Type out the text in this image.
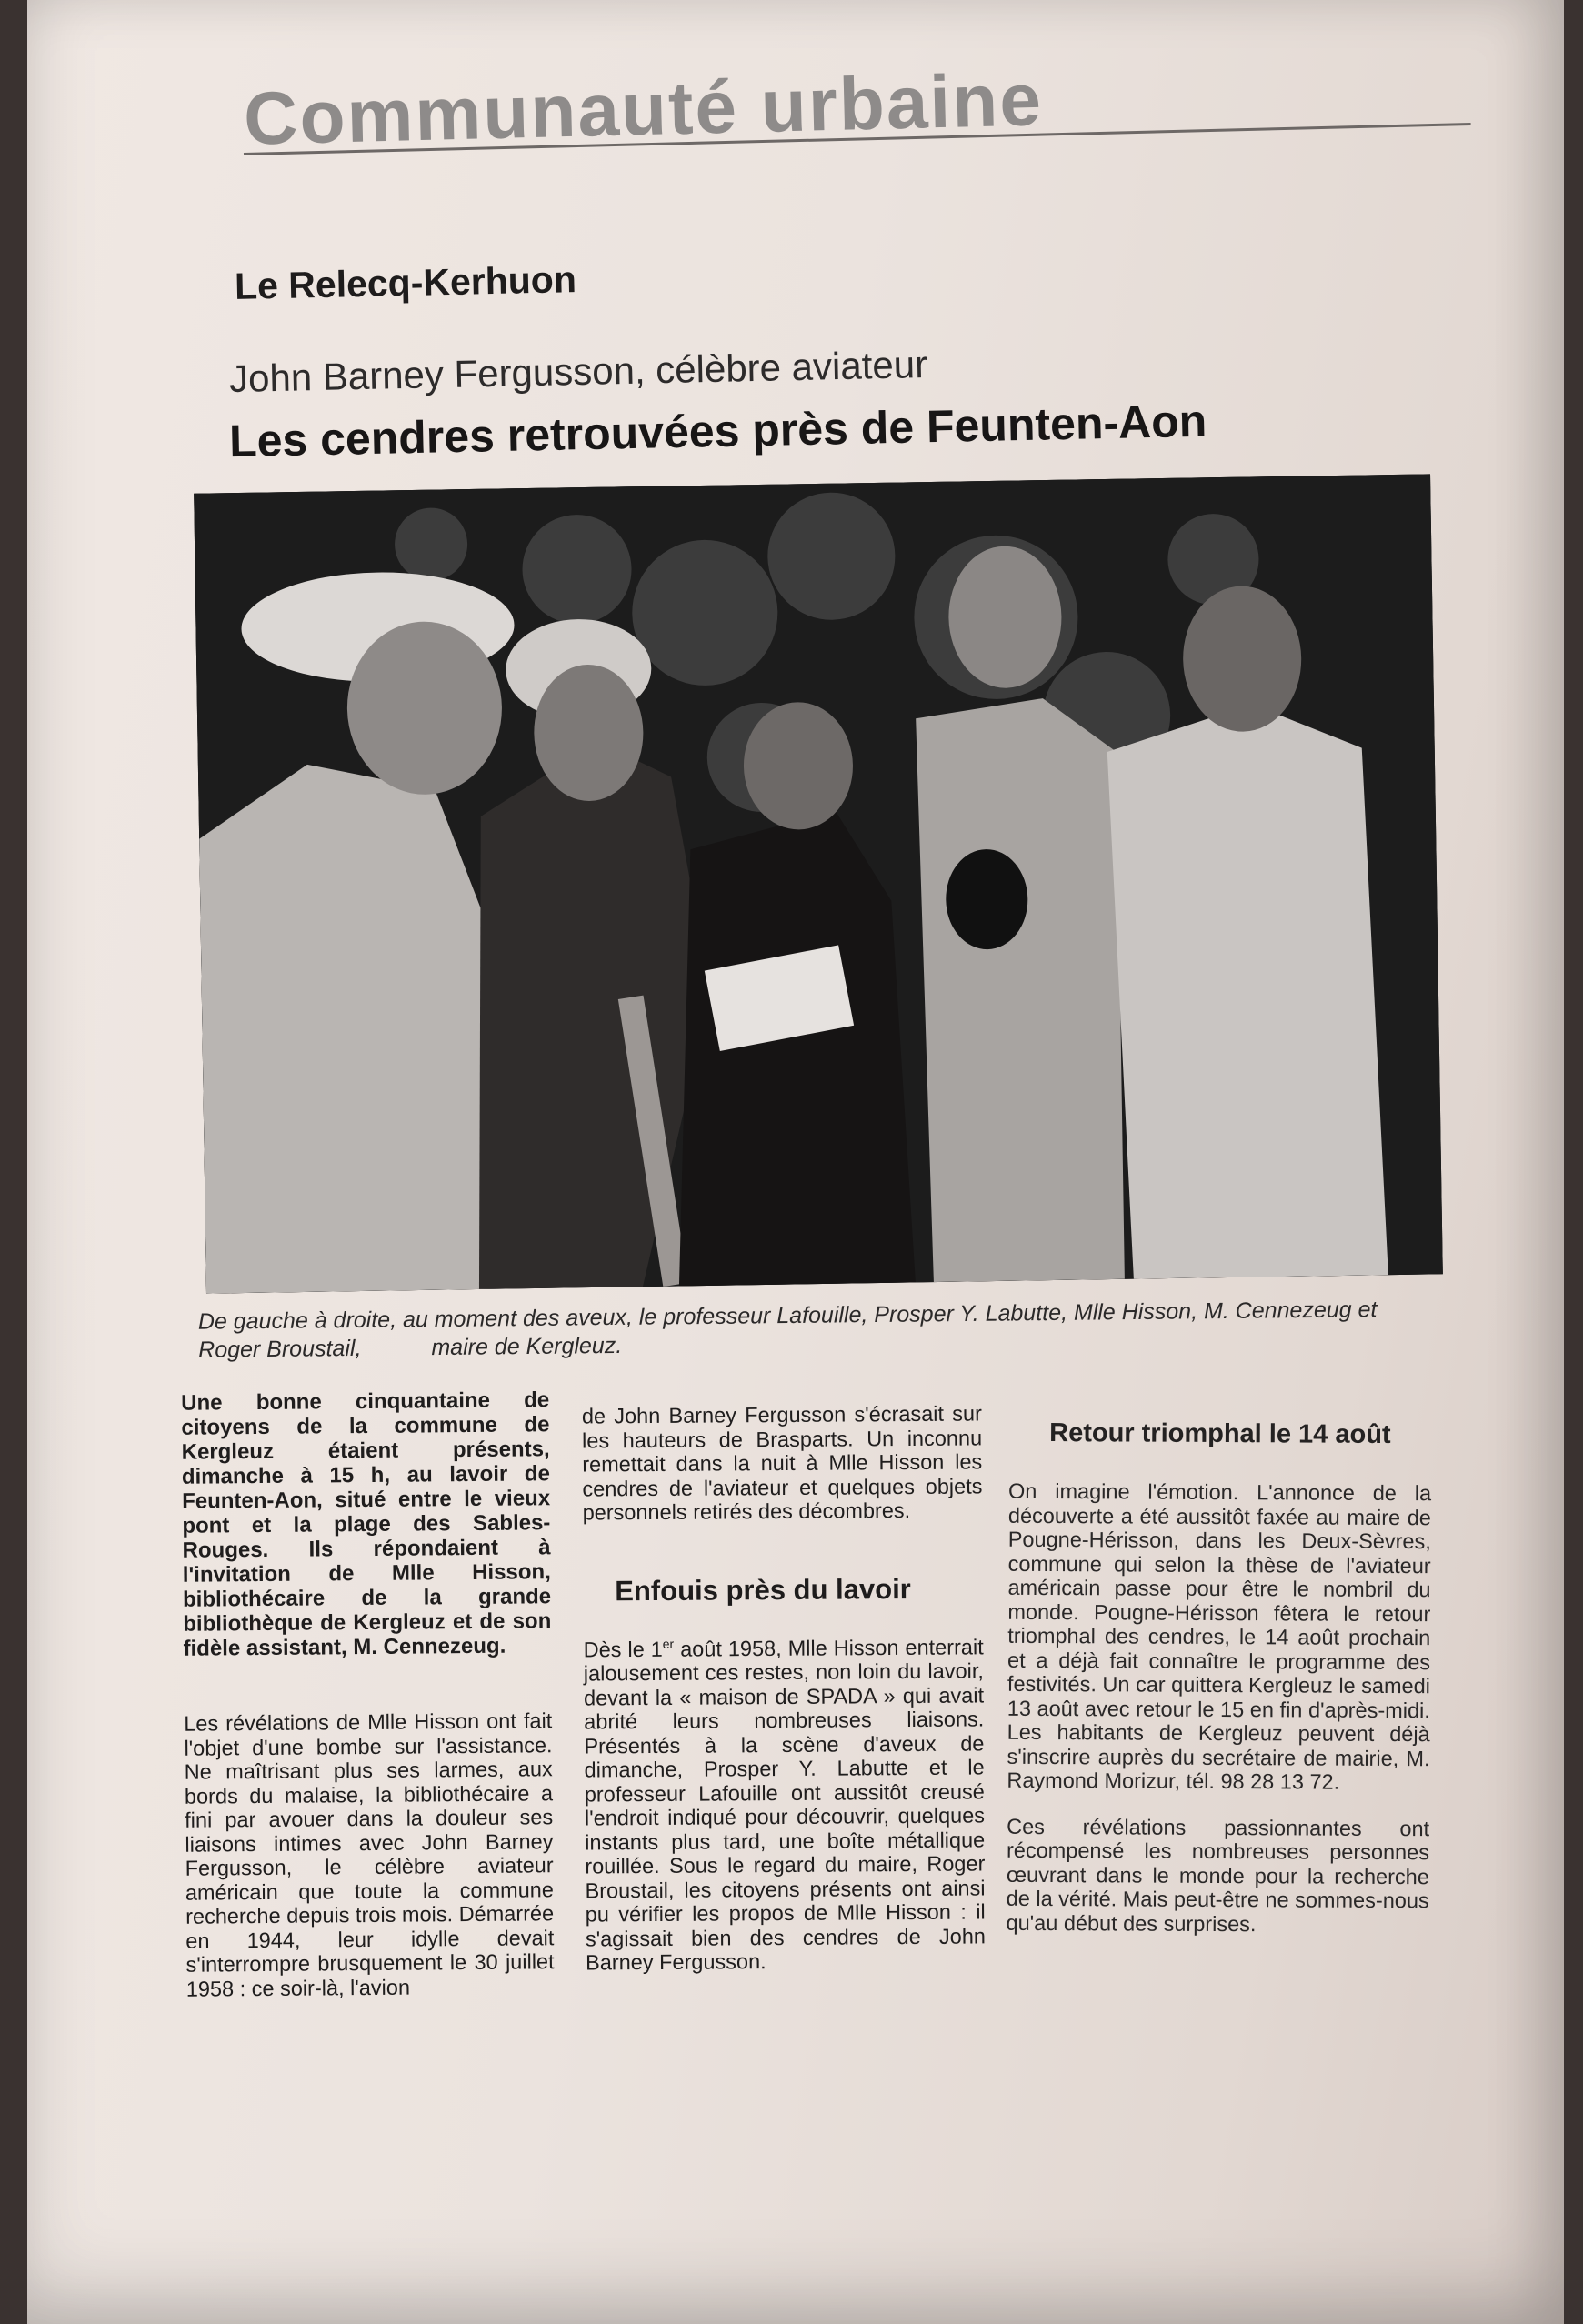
Communauté urbaine
Le Relecq-Kerhuon
John Barney Fergusson, célèbre aviateur
Les cendres retrouvées près de Feunten-Aon

De gauche à droite, au moment des aveux, le professeur Lafouille, Prosper Y. Labutte, Mlle Hisson, M. Cennezeug et Roger Broustail,	maire de Kergleuz.

Une bonne cinquantaine de citoyens de la commune de Kergleuz étaient présents, dimanche à 15 h, au lavoir de Feunten-Aon, situé entre le vieux pont et la plage des Sables-Rouges. Ils répondaient à l'invitation de Mlle Hisson, bibliothécaire de la grande bibliothèque de Kergleuz et de son fidèle assistant, M. Cennezeug.

Les révélations de Mlle Hisson ont fait l'objet d'une bombe sur l'assistance. Ne maîtrisant plus ses larmes, aux bords du malaise, la bibliothécaire a fini par avouer dans la douleur ses liaisons intimes avec John Barney Fergusson, le célèbre aviateur américain que toute la commune recherche depuis trois mois. Démarrée en 1944, leur idylle devait s'interrompre brusquement le 30 juillet 1958 : ce soir-là, l'avion

de John Barney Fergusson s'écrasait sur les hauteurs de Brasparts. Un inconnu remettait dans la nuit à Mlle Hisson les cendres de l'aviateur et quelques objets personnels retirés des décombres.

Enfouis près du lavoir

Dès le 1er août 1958, Mlle Hisson enterrait jalousement ces restes, non loin du lavoir, devant la « maison de SPADA » qui avait abrité leurs nombreuses liaisons. Présentés à la scène d'aveux de dimanche, Prosper Y. Labutte et le professeur Lafouille ont aussitôt creusé l'endroit indiqué pour découvrir, quelques instants plus tard, une boîte métallique rouillée. Sous le regard du maire, Roger Broustail, les citoyens présents ont ainsi pu vérifier les propos de Mlle Hisson : il s'agissait bien des cendres de John Barney Fergusson.

Retour triomphal le 14 août

On imagine l'émotion. L'annonce de la découverte a été aussitôt faxée au maire de Pougne-Hérisson, dans les Deux-Sèvres, commune qui selon la thèse de l'aviateur américain passe pour être le nombril du monde. Pougne-Hérisson fêtera le retour triomphal des cendres, le 14 août prochain et a déjà fait connaître le programme des festivités. Un car quittera Kergleuz le samedi 13 août avec retour le 15 en fin d'après-midi. Les habitants de Kergleuz peuvent déjà s'inscrire auprès du secrétaire de mairie, M. Raymond Morizur, tél. 98 28 13 72.

Ces révélations passionnantes ont récompensé les nombreuses personnes œuvrant dans le monde pour la recherche de la vérité. Mais peut-être ne sommes-nous qu'au début des surprises.
